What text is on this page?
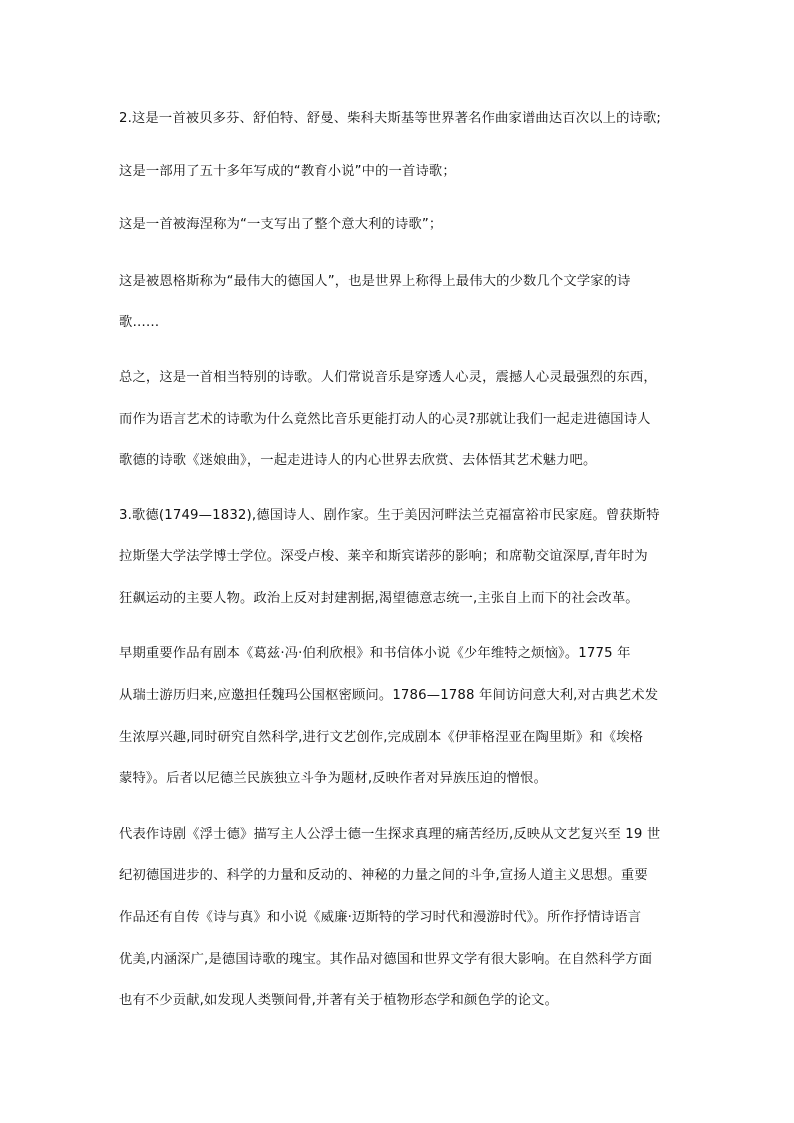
2.这是一首被贝多芬、舒伯特、舒曼、柴科夫斯基等世界著名作曲家谱曲达百次以上的诗歌;
这是一部用了五十多年写成的“教育小说”中的一首诗歌；
这是一首被海涅称为“一支写出了整个意大利的诗歌”；
这是被恩格斯称为“最伟大的德国人”，也是世界上称得上最伟大的少数几个文学家的诗
歌……
总之，这是一首相当特别的诗歌。人们常说音乐是穿透人心灵，震撼人心灵最强烈的东西，
而作为语言艺术的诗歌为什么竟然比音乐更能打动人的心灵?那就让我们一起走进德国诗人
歌德的诗歌《迷娘曲》，一起走进诗人的内心世界去欣赏、去体悟其艺术魅力吧。
3.歌德(1749—1832),德国诗人、剧作家。生于美因河畔法兰克福富裕市民家庭。曾获斯特
拉斯堡大学法学博士学位。深受卢梭、莱辛和斯宾诺莎的影响；和席勒交谊深厚,青年时为
狂飙运动的主要人物。政治上反对封建割据,渴望德意志统一,主张自上而下的社会改革。
早期重要作品有剧本《葛兹·冯·伯利欣根》和书信体小说《少年维特之烦恼》。1775 年
从瑞士游历归来,应邀担任魏玛公国枢密顾问。1786—1788 年间访问意大利,对古典艺术发
生浓厚兴趣,同时研究自然科学,进行文艺创作,完成剧本《伊菲格涅亚在陶里斯》和《埃格
蒙特》。后者以尼德兰民族独立斗争为题材,反映作者对异族压迫的憎恨。
代表作诗剧《浮士德》描写主人公浮士德一生探求真理的痛苦经历,反映从文艺复兴至 19 世
纪初德国进步的、科学的力量和反动的、神秘的力量之间的斗争,宣扬人道主义思想。重要
作品还有自传《诗与真》和小说《威廉·迈斯特的学习时代和漫游时代》。所作抒情诗语言
优美,内涵深广,是德国诗歌的瑰宝。其作品对德国和世界文学有很大影响。在自然科学方面
也有不少贡献,如发现人类颚间骨,并著有关于植物形态学和颜色学的论文。
